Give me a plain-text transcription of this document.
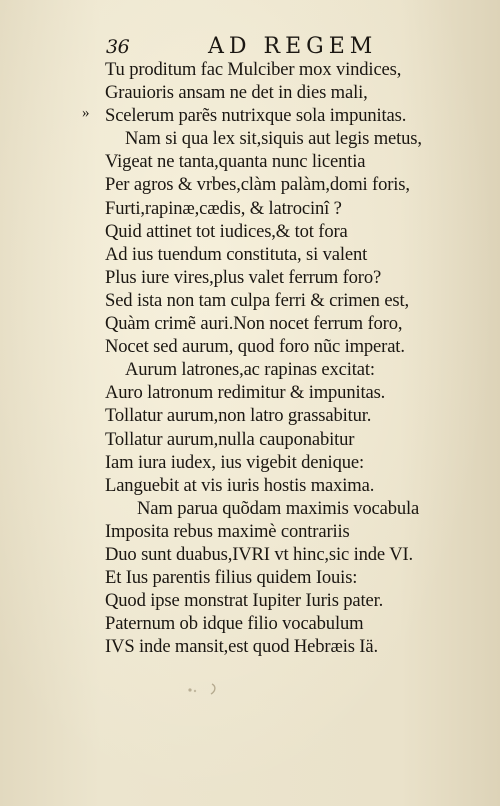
36	AD REGEM
»
Tu proditum fac Mulciber mox vindices,
Grauioris ansam ne det in dies mali,
Scelerum parẽs nutrixque sola impunitas.
Nam si qua lex sit,siquis aut legis metus,
Vigeat ne tanta,quanta nunc licentia
Per agros & vrbes,clàm palàm,domi foris,
Furti,rapinæ,cædis, & latrocinî ?
Quid attinet tot iudices,& tot fora
Ad ius tuendum constituta, si valent
Plus iure vires,plus valet ferrum foro?
Sed ista non tam culpa ferri & crimen est,
Quàm crimẽ auri.Non nocet ferrum foro,
Nocet sed aurum, quod foro nũc imperat.
Aurum latrones,ac rapinas excitat:
Auro latronum redimitur & impunitas.
Tollatur aurum,non latro grassabitur.
Tollatur aurum,nulla cauponabitur
Iam iura iudex, ius vigebit denique:
Languebit at vis iuris hostis maxima.
Nam parua quõdam maximis vocabula
Imposita rebus maximè contrariis
Duo sunt duabus,IVRI vt hinc,sic inde VI.
Et Ius parentis filius quidem Iouis:
Quod ipse monstrat Iupiter Iuris pater.
Paternum ob idque filio vocabulum
IVS inde mansit,est quod Hebræis Iä.
